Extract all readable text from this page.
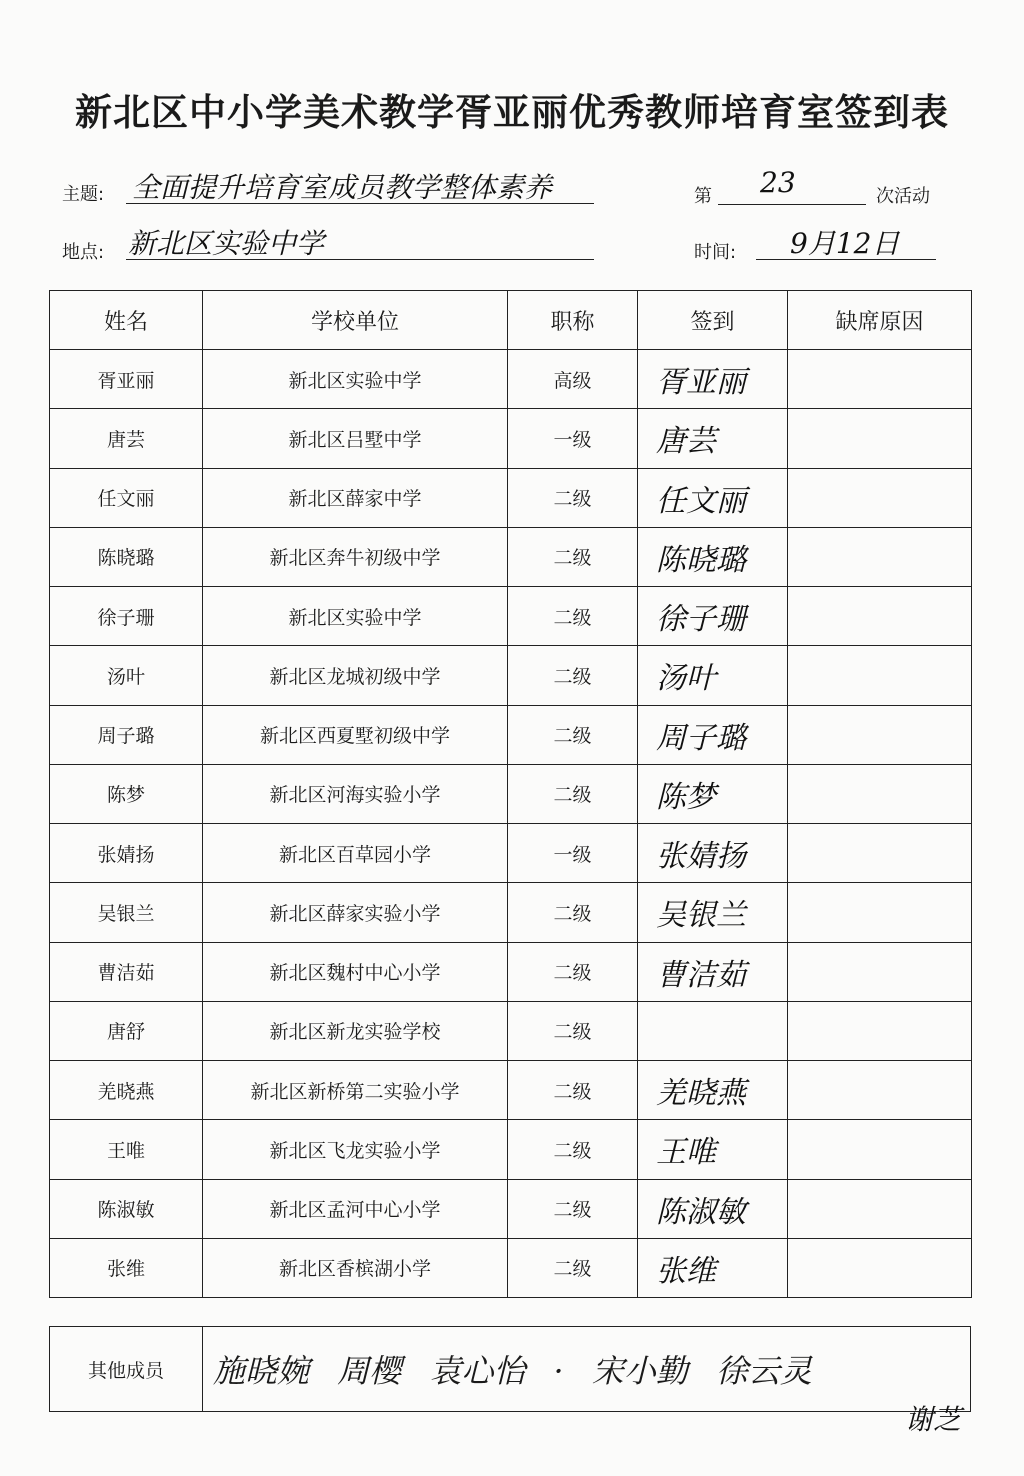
新北区中小学美术教学胥亚丽优秀教师培育室签到表
主题: 全面提升培育室成员教学整体素养	第 23	次活动
地点: 新北区实验中学	时间: 9月12日
姓名	学校单位	职称	签到	缺席原因
胥亚丽	新北区实验中学	高级	胥亚丽	
唐芸	新北区吕墅中学	一级	唐芸	
任文丽	新北区薛家中学	二级	任文丽	
陈晓璐	新北区奔牛初级中学	二级	陈晓璐	
徐子珊	新北区实验中学	二级	徐子珊	
汤叶	新北区龙城初级中学	二级	汤叶	
周子璐	新北区西夏墅初级中学	二级	周子璐	
陈梦	新北区河海实验小学	二级	陈梦	
张婧扬	新北区百草园小学	一级	张婧扬	
吴银兰	新北区薛家实验小学	二级	吴银兰	
曹洁茹	新北区魏村中心小学	二级	曹洁茹	
唐舒	新北区新龙实验学校	二级		
羌晓燕	新北区新桥第二实验小学	二级	羌晓燕	
王唯	新北区飞龙实验小学	二级	王唯	
陈淑敏	新北区孟河中心小学	二级	陈淑敏	
张维	新北区香槟湖小学	二级	张维	
其他成员	施晓婉 周樱 袁心怡 · 宋小勤 徐云灵
谢芝
